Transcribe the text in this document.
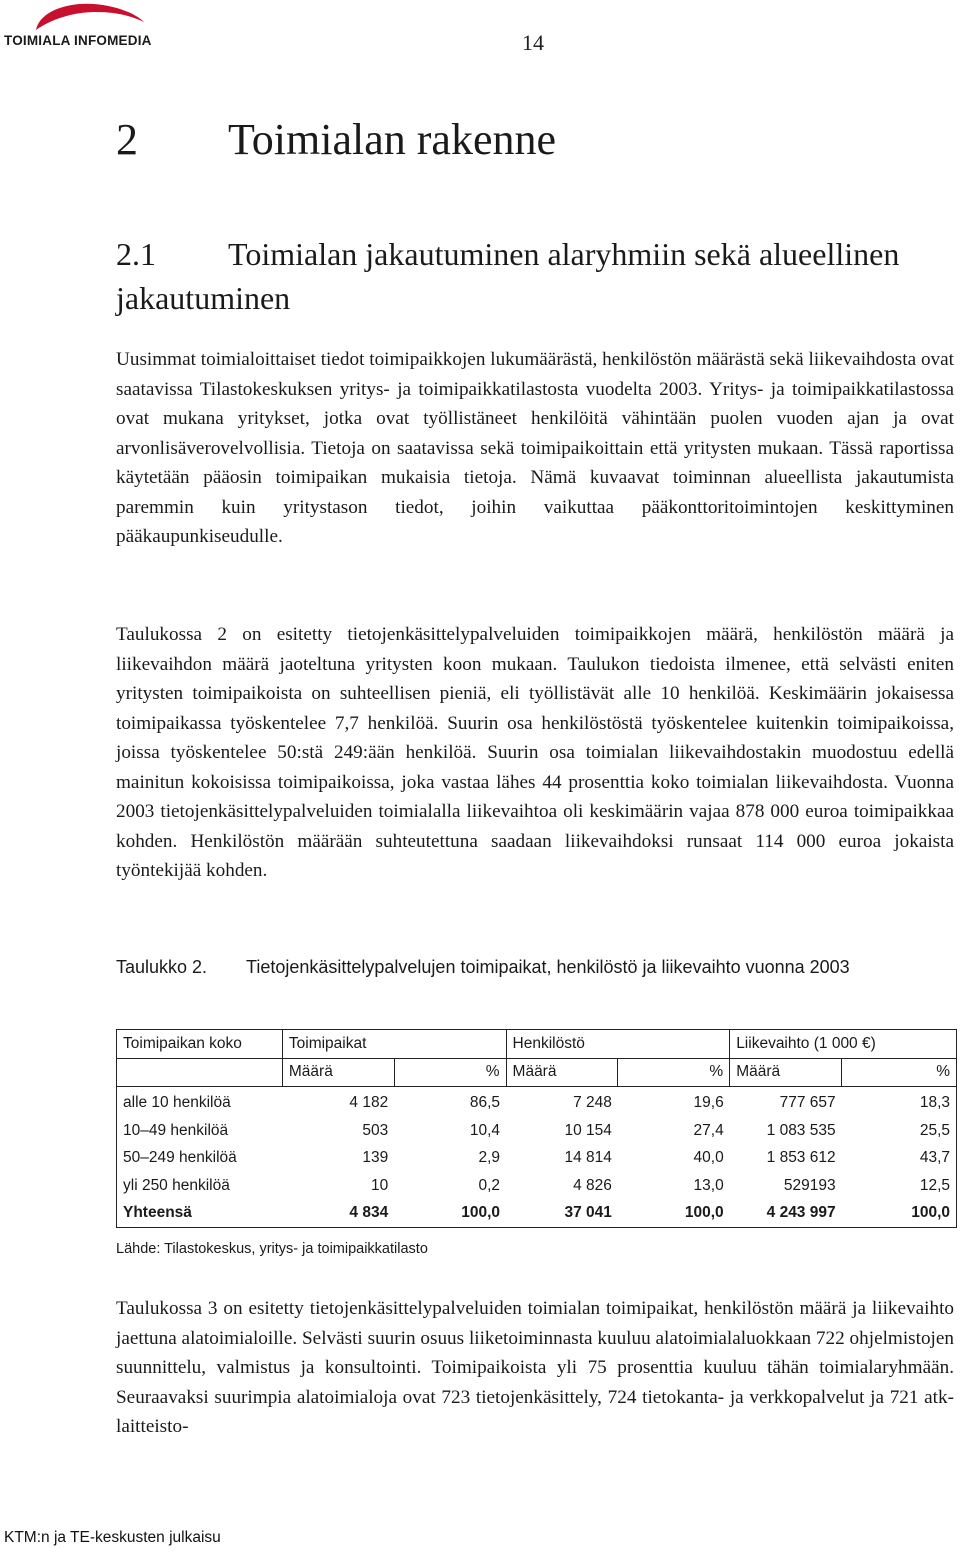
TOIMIALA INFOMEDIA	14
2 Toimialan rakenne
2.1 Toimialan jakautuminen alaryhmiin sekä alueellinen jakautuminen

Uusimmat toimialoittaiset tiedot toimipaikkojen lukumäärästä, henkilöstön määrästä sekä liikevaihdosta ovat saatavissa Tilastokeskuksen yritys- ja toimipaikkatilastosta vuodelta 2003. Yritys- ja toimipaikkatilastossa ovat mukana yritykset, jotka ovat työllistäneet henkilöitä vähintään puolen vuoden ajan ja ovat arvonlisäverovelvollisia. Tietoja on saatavissa sekä toimipaikoittain että yritysten mukaan. Tässä raportissa käytetään pääosin toimipaikan mukaisia tietoja. Nämä kuvaavat toiminnan alueellista jakautumista paremmin kuin yritystason tiedot, joihin vaikuttaa pääkonttoritoimintojen keskittyminen pääkaupunkiseudulle.

Taulukossa 2 on esitetty tietojenkäsittelypalveluiden toimipaikkojen määrä, henkilöstön määrä ja liikevaihdon määrä jaoteltuna yritysten koon mukaan. Taulukon tiedoista ilmenee, että selvästi eniten yritysten toimipaikoista on suhteellisen pieniä, eli työllistävät alle 10 henkilöä. Keskimäärin jokaisessa toimipaikassa työskentelee 7,7 henkilöä. Suurin osa henkilöstöstä työskentelee kuitenkin toimipaikoissa, joissa työskentelee 50:stä 249:ään henkilöä. Suurin osa toimialan liikevaihdostakin muodostuu edellä mainitun kokoisissa toimipaikoissa, joka vastaa lähes 44 prosenttia koko toimialan liikevaihdosta. Vuonna 2003 tietojenkäsittelypalveluiden toimialalla liikevaihtoa oli keskimäärin vajaa 878 000 euroa toimipaikkaa kohden. Henkilöstön määrään suhteutettuna saadaan liikevaihdoksi runsaat 114 000 euroa jokaista työntekijää kohden.

Taulukko 2. Tietojenkäsittelypalvelujen toimipaikat, henkilöstö ja liikevaihto vuonna 2003
Toimipaikan koko	Toimipaikat		Henkilöstö		Liikevaihto (1 000 €)	
	Määrä	%	Määrä	%	Määrä	%
alle 10 henkilöä	4 182	86,5	7 248	19,6	777 657	18,3
10–49 henkilöä	503	10,4	10 154	27,4	1 083 535	25,5
50–249 henkilöä	139	2,9	14 814	40,0	1 853 612	43,7
yli 250 henkilöä	10	0,2	4 826	13,0	529193	12,5
Yhteensä	4 834	100,0	37 041	100,0	4 243 997	100,0
Lähde: Tilastokeskus, yritys- ja toimipaikkatilasto

Taulukossa 3 on esitetty tietojenkäsittelypalveluiden toimialan toimipaikat, henkilöstön määrä ja liikevaihto jaettuna alatoimialoille. Selvästi suurin osuus liiketoiminnasta kuuluu alatoimialaluokkaan 722 ohjelmistojen suunnittelu, valmistus ja konsultointi. Toimipaikoista yli 75 prosenttia kuuluu tähän toimialaryhmään. Seuraavaksi suurimpia alatoimialoja ovat 723 tietojenkäsittely, 724 tietokanta- ja verkkopalvelut ja 721 atk-laitteisto-

KTM:n ja TE-keskusten julkaisu
